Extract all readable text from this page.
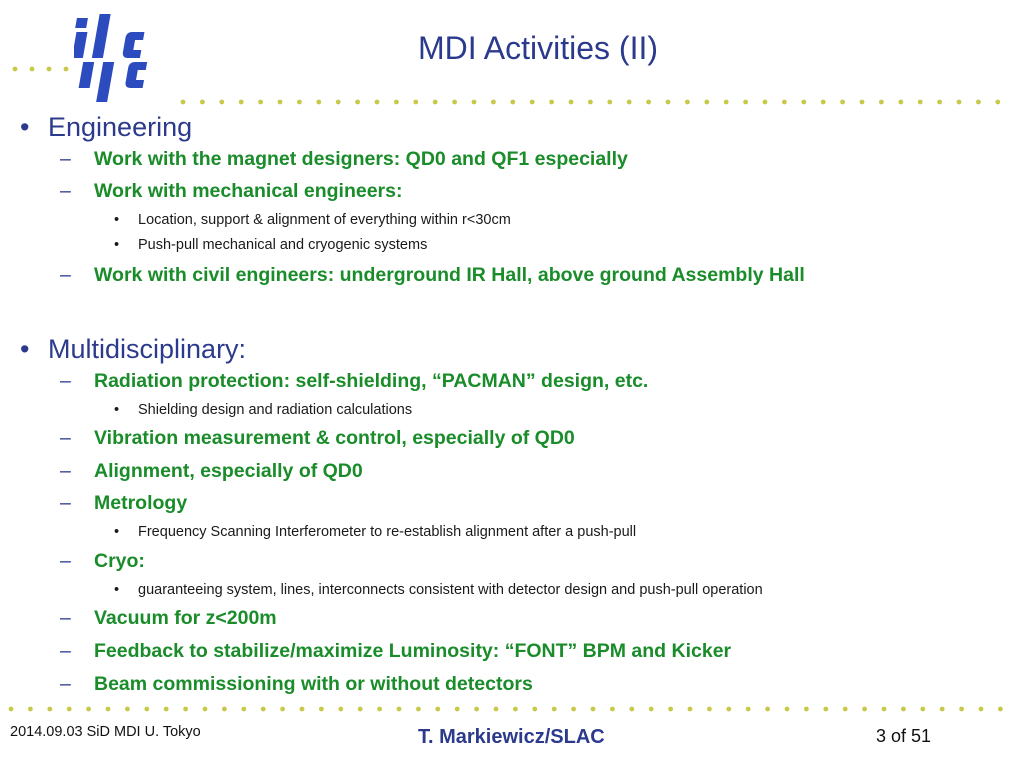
MDI Activities (II)
• Engineering
– Work with the magnet designers: QD0 and QF1 especially
– Work with mechanical engineers:
• Location, support & alignment of everything within r<30cm
• Push-pull mechanical and cryogenic systems
– Work with civil engineers: underground IR Hall, above ground Assembly Hall
• Multidisciplinary:
– Radiation protection: self-shielding, “PACMAN” design, etc.
• Shielding design and radiation calculations
– Vibration measurement & control, especially of QD0
– Alignment, especially of QD0
– Metrology
• Frequency Scanning Interferometer to re-establish alignment after a push-pull
– Cryo:
• guaranteeing system, lines, interconnects consistent with detector design and push-pull operation
– Vacuum for z<200m
– Feedback to stabilize/maximize Luminosity: “FONT” BPM and Kicker
– Beam commissioning with or without detectors
2014.09.03 SiD MDI U. Tokyo	T. Markiewicz/SLAC	3 of 51
